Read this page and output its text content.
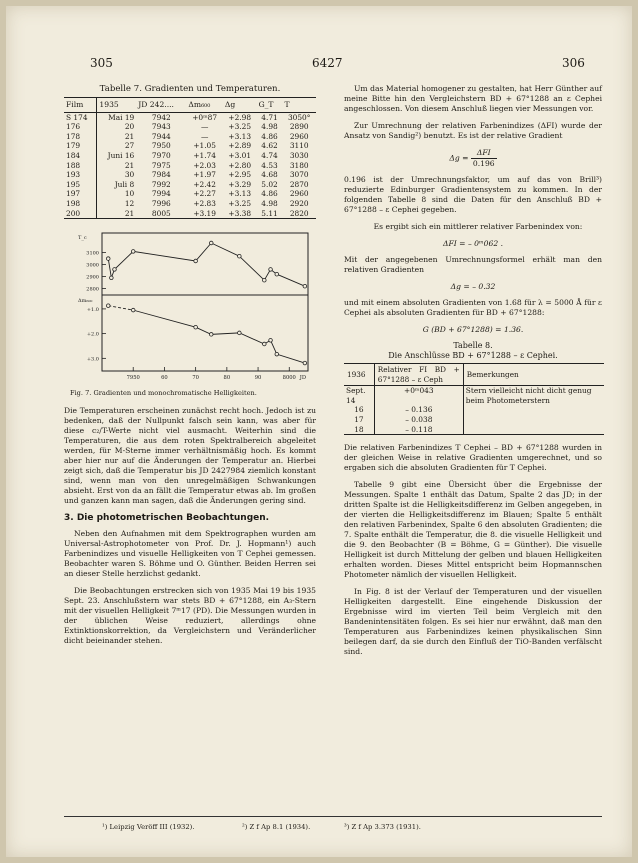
305	6427	306
Tabelle 7. Gradienten und Temperaturen.
Film	1935	JD 242....	Δm₆₀₀	Δg	G_T	T
S 174	Mai 19	7942	+0ᵐ87	+2.98	4.71	3050°
176	20	7943	—	+3.25	4.98	2890
178	21	7944	—	+3.13	4.86	2960
179	27	7950	+1.05	+2.89	4.62	3110
184	Juni 16	7970	+1.74	+3.01	4.74	3030
188	21	7975	+2.03	+2.80	4.53	3180
193	30	7984	+1.97	+2.95	4.68	3070
195	Juli 8	7992	+2.42	+3.29	5.02	2870
197	10	7994	+2.27	+3.13	4.86	2960
198	12	7996	+2.83	+3.25	4.98	2920
200	21	8005	+3.19	+3.38	5.11	2820
T_c
3100
3000
2900
2800
Δm₆₀₀
+1.0
+2.0
+3.0
7950	60	70	80	90	8000 JD
Fig. 7. Gradienten und monochromatische Helligkeiten.

Die Temperaturen erscheinen zunächst recht hoch. Jedoch ist zu bedenken, daß der Nullpunkt falsch sein kann, was aber für diese c₂/T-Werte nicht viel ausmacht. Weiterhin sind die Temperaturen, die aus dem roten Spektralbereich abgeleitet werden, für M-Sterne immer verhältnismäßig hoch. Es kommt aber hier nur auf die Änderungen der Temperatur an. Hierbei zeigt sich, daß die Temperatur bis JD 2427984 ziemlich konstant sind, wenn man von den unregelmäßigen Schwankungen absieht. Erst von da an fällt die Temperatur etwas ab. Im großen und ganzen kann man sagen, daß die Änderungen gering sind.

3. Die photometrischen Beobachtungen.

Neben den Aufnahmen mit dem Spektrographen wurden am Universal-Astrophotometer von Prof. Dr. J. Hopmann¹) auch Farbenindizes und visuelle Helligkeiten von T Cephei gemessen. Beobachter waren S. Böhme und O. Günther. Beiden Herren sei an dieser Stelle herzlichst gedankt.

Die Beobachtungen erstrecken sich von 1935 Mai 19 bis 1935 Sept. 23. Anschlußstern war stets BD + 67°1288, ein A₃-Stern mit der visuellen Helligkeit 7ᵐ17 (PD). Die Messungen wurden in der üblichen Weise reduziert, allerdings ohne Extinktionskorrektion, da Vergleichstern und Veränderlicher dicht beieinander stehen.

Um das Material homogener zu gestalten, hat Herr Günther auf meine Bitte hin den Vergleichstern BD + 67°1288 an ε Cephei angeschlossen. Von diesem Anschluß liegen vier Messungen vor.

Zur Umrechnung der relativen Farbenindizes (ΔFI) wurde der Ansatz von Sandig²) benutzt. Es ist der relative Gradient

$\Delta g = \frac{\text{ΔFI}}{0.196}$

0.196 ist der Umrechnungsfaktor, um auf das von Brill³) reduzierte Edinburger Gradientensystem zu kommen. In der folgenden Tabelle 8 sind die Daten für den Anschluß BD + 67°1288 – ε Cephei gegeben.

Es ergibt sich ein mittlerer relativer Farbenindex von:

ΔFI = – 0ᵐ062 .

Mit der angegebenen Umrechnungsformel erhält man den relativen Gradienten

Δg = – 0.32

und mit einem absoluten Gradienten von 1.68 für λ = 5000 Å für ε Cephei als absoluten Gradienten für BD + 67°1288:

G (BD + 67°1288) = 1.36.
Tabelle 8.
Die Anschlüsse BD + 67°1288 – ε Cephei.
1936	Relativer FI BD + 67°1288 – ε Ceph	Bemerkungen
Sept. 14	+0ᵐ043	Stern vielleicht nicht dicht genug beim Photometerstern
16	– 0.136	
17	– 0.038	
18	– 0.118	

Die relativen Farbenindizes T Cephei – BD + 67°1288 wurden in der gleichen Weise in relative Gradienten umgerechnet, und so ergaben sich die absoluten Gradienten für T Cephei.

Tabelle 9 gibt eine Übersicht über die Ergebnisse der Messungen. Spalte 1 enthält das Datum, Spalte 2 das JD; in der dritten Spalte ist die Helligkeitsdifferenz im Gelben angegeben, in der vierten die Helligkeitsdifferenz im Blauen; Spalte 5 enthält den relativen Farbenindex, Spalte 6 den absoluten Gradienten; die 7. Spalte enthält die Temperatur, die 8. die visuelle Helligkeit und die 9. den Beobachter (B = Böhme, G = Günther). Die visuelle Helligkeit ist durch Mittelung der gelben und blauen Helligkeiten erhalten worden. Dieses Mittel entspricht beim Hopmannschen Photometer nämlich der visuellen Helligkeit.

In Fig. 8 ist der Verlauf der Temperaturen und der visuellen Helligkeiten dargestellt. Eine eingehende Diskussion der Ergebnisse wird im vierten Teil beim Vergleich mit den Bandenintensitäten folgen. Es sei hier nur erwähnt, daß man den Temperaturen aus Farbenindizes keinen physikalischen Sinn beilegen darf, da sie durch den Einfluß der TiO-Banden verfälscht sind.

¹) Leipzig Veröff III (1932).	²) Z f Ap 8.1 (1934).	³) Z f Ap 3.373 (1931).
